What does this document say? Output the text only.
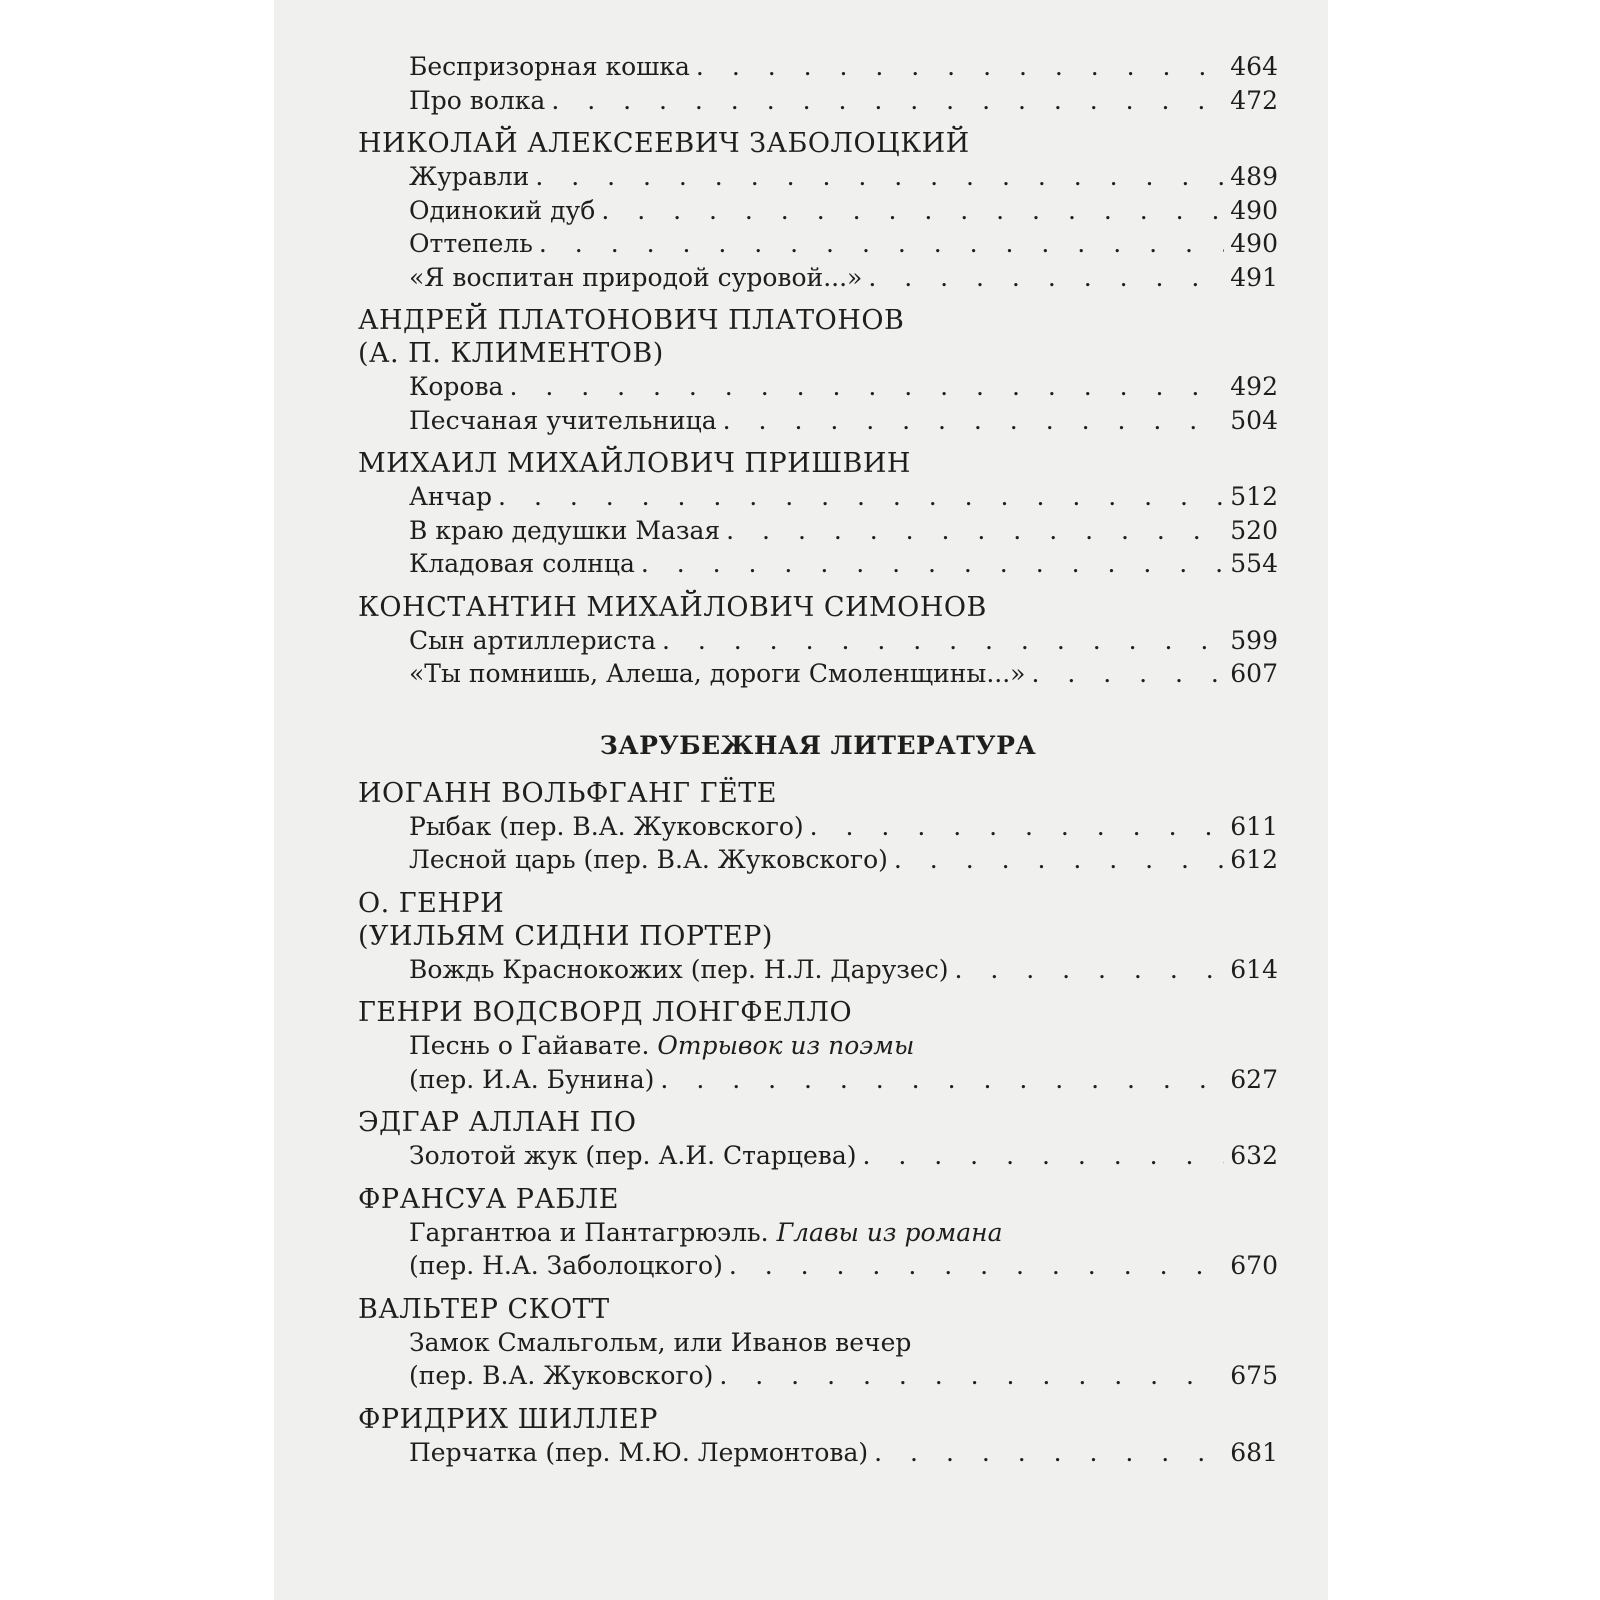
Беспризорная кошка . . .	464
Про волка . . .	472
НИКОЛАЙ АЛЕКСЕЕВИЧ ЗАБОЛОЦКИЙ
Журавли . . .	489
Одинокий дуб . . .	490
Оттепель . . .	490
«Я воспитан природой суровой...» . . .	491
АНДРЕЙ ПЛАТОНОВИЧ ПЛАТОНОВ
(А. П. КЛИМЕНТОВ)
Корова . . .	492
Песчаная учительница . . .	504
МИХАИЛ МИХАЙЛОВИЧ ПРИШВИН
Анчар . . .	512
В краю дедушки Мазая . . .	520
Кладовая солнца . . .	554
КОНСТАНТИН МИХАЙЛОВИЧ СИМОНОВ
Сын артиллериста . . .	599
«Ты помнишь, Алеша, дороги Смоленщины...» . . .	607
ЗАРУБЕЖНАЯ ЛИТЕРАТУРА
ИОГАНН ВОЛЬФГАНГ ГЁТЕ
Рыбак (пер. В.А. Жуковского) . . .	611
Лесной царь (пер. В.А. Жуковского) . . .	612
О. ГЕНРИ
(УИЛЬЯМ СИДНИ ПОРТЕР)
Вождь Краснокожих (пер. Н.Л. Дарузес) . . .	614
ГЕНРИ ВОДСВОРД ЛОНГФЕЛЛО
Песнь о Гайавате. Отрывок из поэмы
(пер. И.А. Бунина) . . .	627
ЭДГАР АЛЛАН ПО
Золотой жук (пер. А.И. Старцева) . . .	632
ФРАНСУА РАБЛЕ
Гаргантюа и Пантагрюэль. Главы из романа
(пер. Н.А. Заболоцкого) . . .	670
ВАЛЬТЕР СКОТТ
Замок Смальгольм, или Иванов вечер
(пер. В.А. Жуковского) . . .	675
ФРИДРИХ ШИЛЛЕР
Перчатка (пер. М.Ю. Лермонтова) . . .	681
